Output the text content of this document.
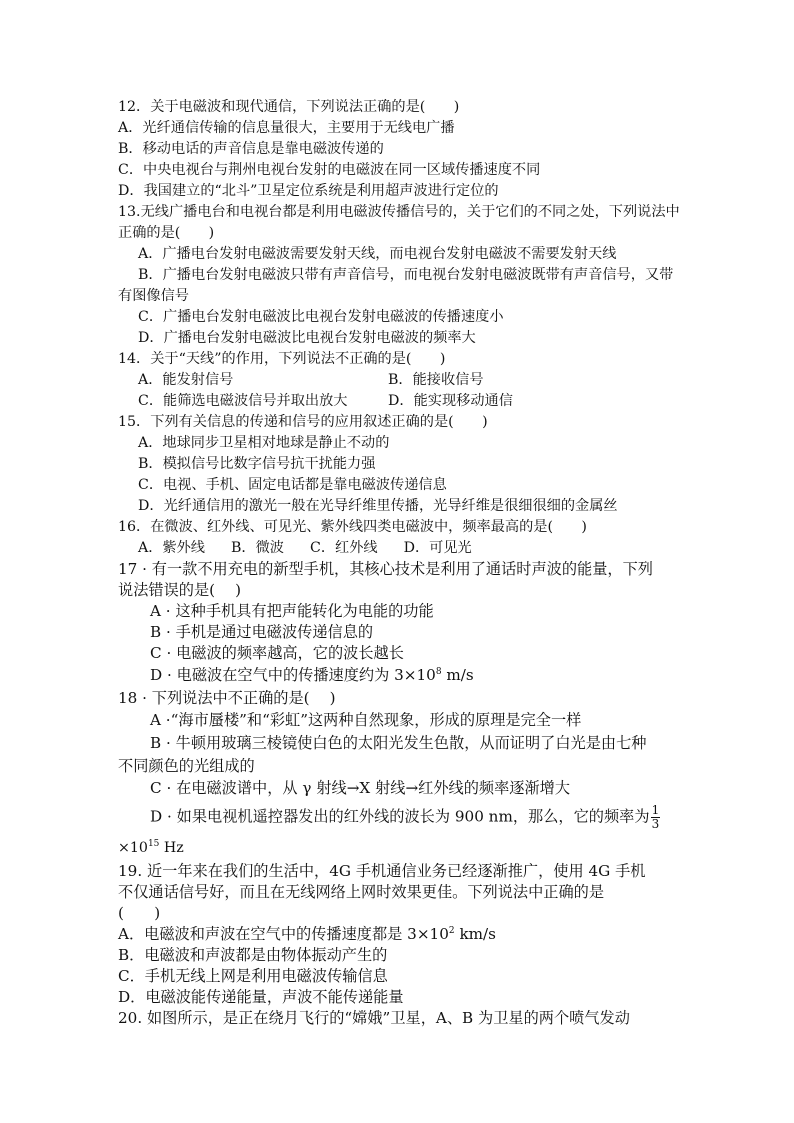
12．关于电磁波和现代通信，下列说法正确的是(　　)
A．光纤通信传输的信息量很大，主要用于无线电广播
B．移动电话的声音信息是靠电磁波传递的
C．中央电视台与荆州电视台发射的电磁波在同一区域传播速度不同
D．我国建立的“北斗”卫星定位系统是利用超声波进行定位的
13.无线广播电台和电视台都是利用电磁波传播信号的，关于它们的不同之处，下列说法中
正确的是(　　)
A．广播电台发射电磁波需要发射天线，而电视台发射电磁波不需要发射天线
B．广播电台发射电磁波只带有声音信号，而电视台发射电磁波既带有声音信号，又带
有图像信号
C．广播电台发射电磁波比电视台发射电磁波的传播速度小
D．广播电台发射电磁波比电视台发射电磁波的频率大
14．关于“天线”的作用，下列说法不正确的是(　　)
A．能发射信号	B．能接收信号
C．能筛选电磁波信号并取出放大	D．能实现移动通信
15．下列有关信息的传递和信号的应用叙述正确的是(　　)
A．地球同步卫星相对地球是静止不动的
B．模拟信号比数字信号抗干扰能力强
C．电视、手机、固定电话都是靠电磁波传递信息
D．光纤通信用的激光一般在光导纤维里传播，光导纤维是很细很细的金属丝
16．在微波、红外线、可见光、紫外线四类电磁波中，频率最高的是(　　)
A．紫外线 B．微波 C．红外线 D．可见光
17 · 有一款不用充电的新型手机，其核心技术是利用了通话时声波的能量，下列
说法错误的是(　 )
A · 这种手机具有把声能转化为电能的功能
B · 手机是通过电磁波传递信息的
C · 电磁波的频率越高，它的波长越长
D · 电磁波在空气中的传播速度约为 $3\times 10^8$ m/s
18 · 下列说法中不正确的是(　 )
A ·“海市蜃楼”和“彩虹”这两种自然现象，形成的原理是完全一样
B · 牛顿用玻璃三棱镜使白色的太阳光发生色散，从而证明了白光是由七种
不同颜色的光组成的
C · 在电磁波谱中，从 γ 射线→X 射线→红外线的频率逐渐增大
D · 如果电视机遥控器发出的红外线的波长为 900 nm，那么，它的频率为 $\frac{1}{3}$
$\times 10^{15}$ Hz
19. 近一年来在我们的生活中，4G 手机通信业务已经逐渐推广，使用 4G 手机
不仅通话信号好，而且在无线网络上网时效果更佳。下列说法中正确的是
(　　)
A．电磁波和声波在空气中的传播速度都是 $3\times 10^2$ km/s
B．电磁波和声波都是由物体振动产生的
C．手机无线上网是利用电磁波传输信息
D．电磁波能传递能量，声波不能传递能量
20. 如图所示，是正在绕月飞行的“嫦娥”卫星，A、B 为卫星的两个喷气发动
